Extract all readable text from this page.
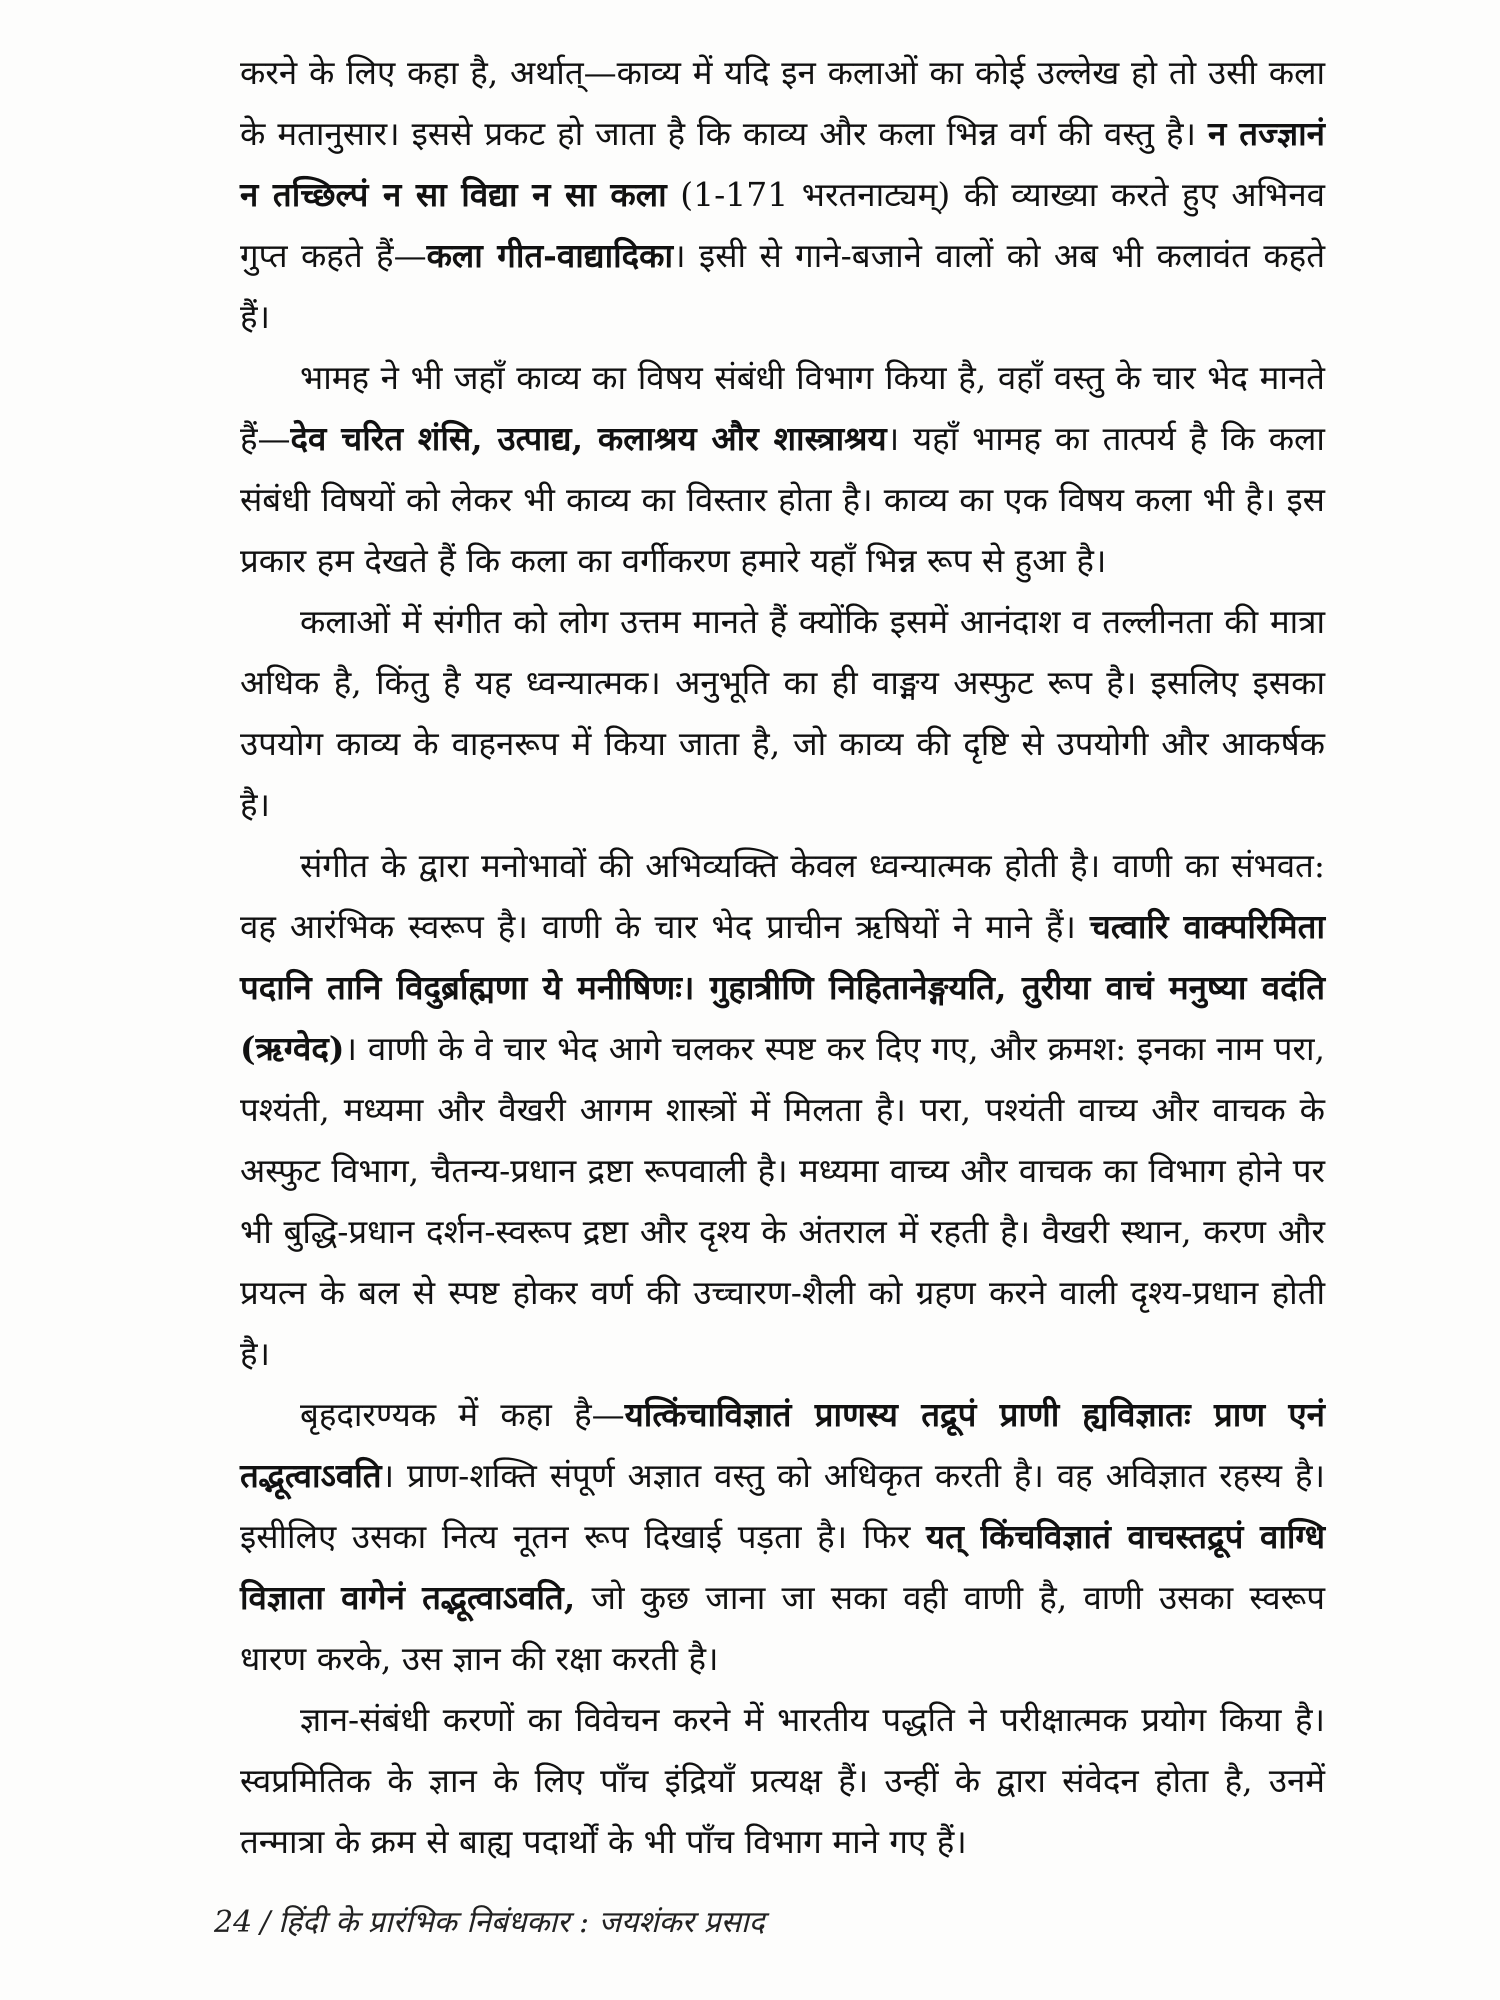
करने के लिए कहा है, अर्थात्—काव्य में यदि इन कलाओं का कोई उल्लेख हो तो उसी कला के मतानुसार। इससे प्रकट हो जाता है कि काव्य और कला भिन्न वर्ग की वस्तु है। न तज्ज्ञानं न तच्छिल्पं न सा विद्या न सा कला (1-171 भरतनाट्यम्) की व्याख्या करते हुए अभिनव गुप्त कहते हैं—कला गीत-वाद्यादिका। इसी से गाने-बजाने वालों को अब भी कलावंत कहते हैं।

भामह ने भी जहाँ काव्य का विषय संबंधी विभाग किया है, वहाँ वस्तु के चार भेद मानते हैं—देव चरित शंसि, उत्पाद्य, कलाश्रय और शास्त्राश्रय। यहाँ भामह का तात्पर्य है कि कला संबंधी विषयों को लेकर भी काव्य का विस्तार होता है। काव्य का एक विषय कला भी है। इस प्रकार हम देखते हैं कि कला का वर्गीकरण हमारे यहाँ भिन्न रूप से हुआ है।

कलाओं में संगीत को लोग उत्तम मानते हैं क्योंकि इसमें आनंदाश व तल्लीनता की मात्रा अधिक है, किंतु है यह ध्वन्यात्मक। अनुभूति का ही वाङ्मय अस्फुट रूप है। इसलिए इसका उपयोग काव्य के वाहनरूप में किया जाता है, जो काव्य की दृष्टि से उपयोगी और आकर्षक है।

संगीत के द्वारा मनोभावों की अभिव्यक्ति केवल ध्वन्यात्मक होती है। वाणी का संभवत: वह आरंभिक स्वरूप है। वाणी के चार भेद प्राचीन ऋषियों ने माने हैं। चत्वारि वाक्परिमिता पदानि तानि विदुर्ब्राह्मणा ये मनीषिणः। गुहात्रीणि निहितानेङ्गयति, तुरीया वाचं मनुष्या वदंति (ऋग्वेद)। वाणी के वे चार भेद आगे चलकर स्पष्ट कर दिए गए, और क्रमश: इनका नाम परा, पश्यंती, मध्यमा और वैखरी आगम शास्त्रों में मिलता है। परा, पश्यंती वाच्य और वाचक के अस्फुट विभाग, चैतन्य-प्रधान द्रष्टा रूपवाली है। मध्यमा वाच्य और वाचक का विभाग होने पर भी बुद्धि-प्रधान दर्शन-स्वरूप द्रष्टा और दृश्य के अंतराल में रहती है। वैखरी स्थान, करण और प्रयत्न के बल से स्पष्ट होकर वर्ण की उच्चारण-शैली को ग्रहण करने वाली दृश्य-प्रधान होती है।

बृहदारण्यक में कहा है—यत्किंचाविज्ञातं प्राणस्य तद्रूपं प्राणी ह्यविज्ञातः प्राण एनं तद्भूत्वाऽवति। प्राण-शक्ति संपूर्ण अज्ञात वस्तु को अधिकृत करती है। वह अविज्ञात रहस्य है। इसीलिए उसका नित्य नूतन रूप दिखाई पड़ता है। फिर यत् किंचविज्ञातं वाचस्तद्रूपं वाग्धि विज्ञाता वागेनं तद्भूत्वाऽवति, जो कुछ जाना जा सका वही वाणी है, वाणी उसका स्वरूप धारण करके, उस ज्ञान की रक्षा करती है।

ज्ञान-संबंधी करणों का विवेचन करने में भारतीय पद्धति ने परीक्षात्मक प्रयोग किया है। स्वप्रमितिक के ज्ञान के लिए पाँच इंद्रियाँ प्रत्यक्ष हैं। उन्हीं के द्वारा संवेदन होता है, उनमें तन्मात्रा के क्रम से बाह्य पदार्थों के भी पाँच विभाग माने गए हैं।

24 / हिंदी के प्रारंभिक निबंधकार : जयशंकर प्रसाद
